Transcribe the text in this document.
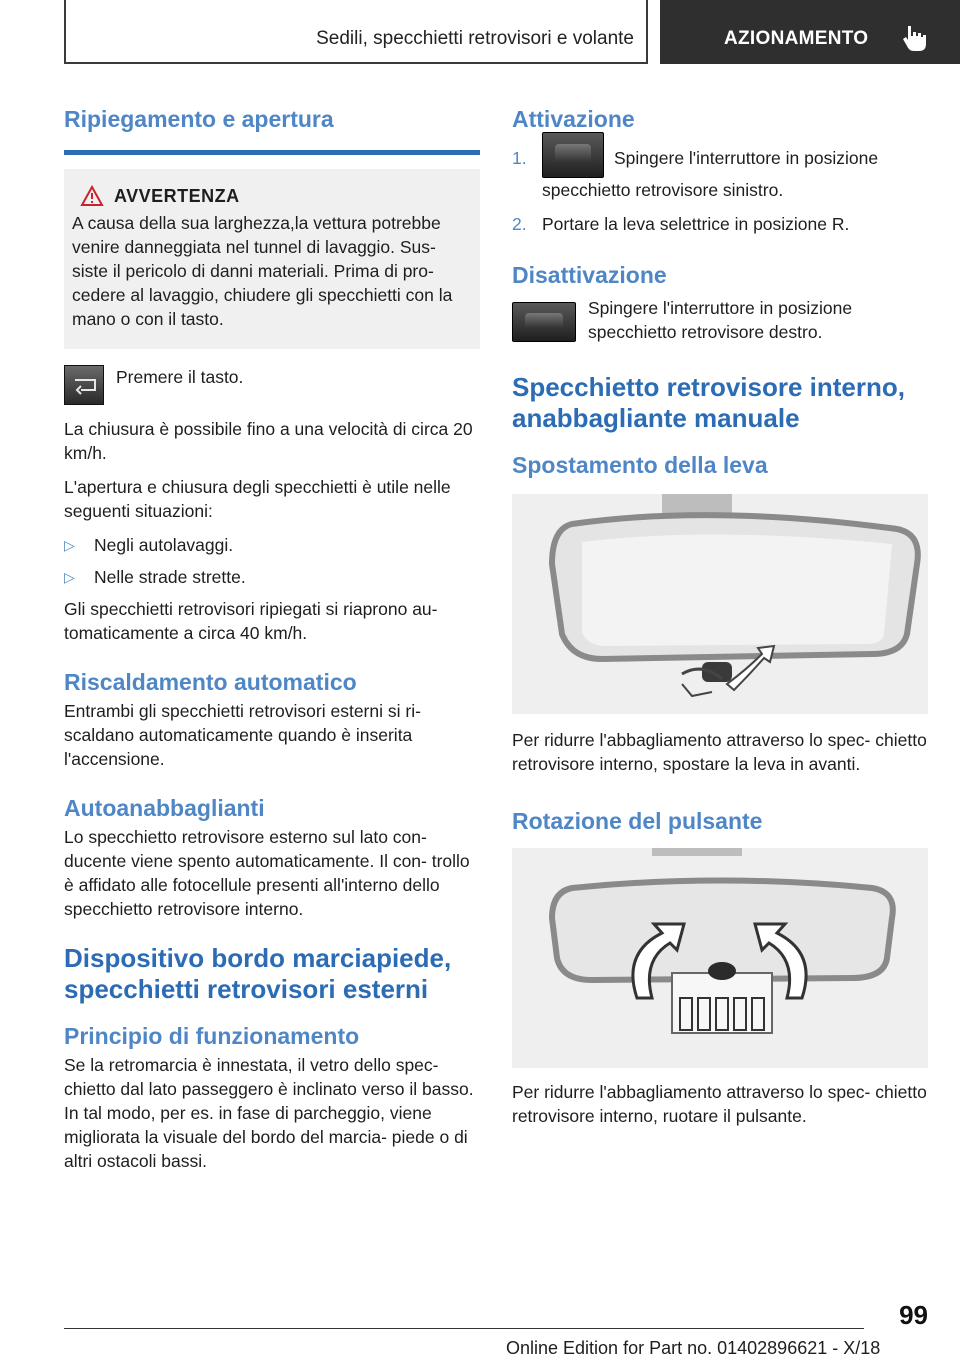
Sedili, specchietti retrovisori e volante	AZIONAMENTO
Ripiegamento e apertura
AVVERTENZA
A causa della sua larghezza,la vettura potrebbe venire danneggiata nel tunnel di lavaggio. Sus- siste il pericolo di danni materiali. Prima di pro- cedere al lavaggio, chiudere gli specchietti con la mano o con il tasto.
Premere il tasto.
La chiusura è possibile fino a una velocità di circa 20 km/h.
L'apertura e chiusura degli specchietti è utile nelle seguenti situazioni:
▷	Negli autolavaggi.
▷	Nelle strade strette.
Gli specchietti retrovisori ripiegati si riaprono au- tomaticamente a circa 40 km/h.
Riscaldamento automatico
Entrambi gli specchietti retrovisori esterni si ri- scaldano automaticamente quando è inserita l'accensione.
Autoanabbaglianti
Lo specchietto retrovisore esterno sul lato con- ducente viene spento automaticamente. Il con- trollo è affidato alle fotocellule presenti all'interno dello specchietto retrovisore interno.
Dispositivo bordo marciapiede, specchietti retrovisori esterni
Principio di funzionamento
Se la retromarcia è innestata, il vetro dello spec- chietto dal lato passeggero è inclinato verso il basso. In tal modo, per es. in fase di parcheggio, viene migliorata la visuale del bordo del marcia- piede o di altri ostacoli bassi.
Attivazione
1.	Spingere l'interruttore in posizione specchietto retrovisore sinistro.
2. Portare la leva selettrice in posizione R.
Disattivazione
Spingere l'interruttore in posizione specchietto retrovisore destro.
Specchietto retrovisore interno, anabbagliante manuale
Spostamento della leva
Per ridurre l'abbagliamento attraverso lo spec- chietto retrovisore interno, spostare la leva in avanti.
Rotazione del pulsante
Per ridurre l'abbagliamento attraverso lo spec- chietto retrovisore interno, ruotare il pulsante.
99
Online Edition for Part no. 01402896621 - X/18
